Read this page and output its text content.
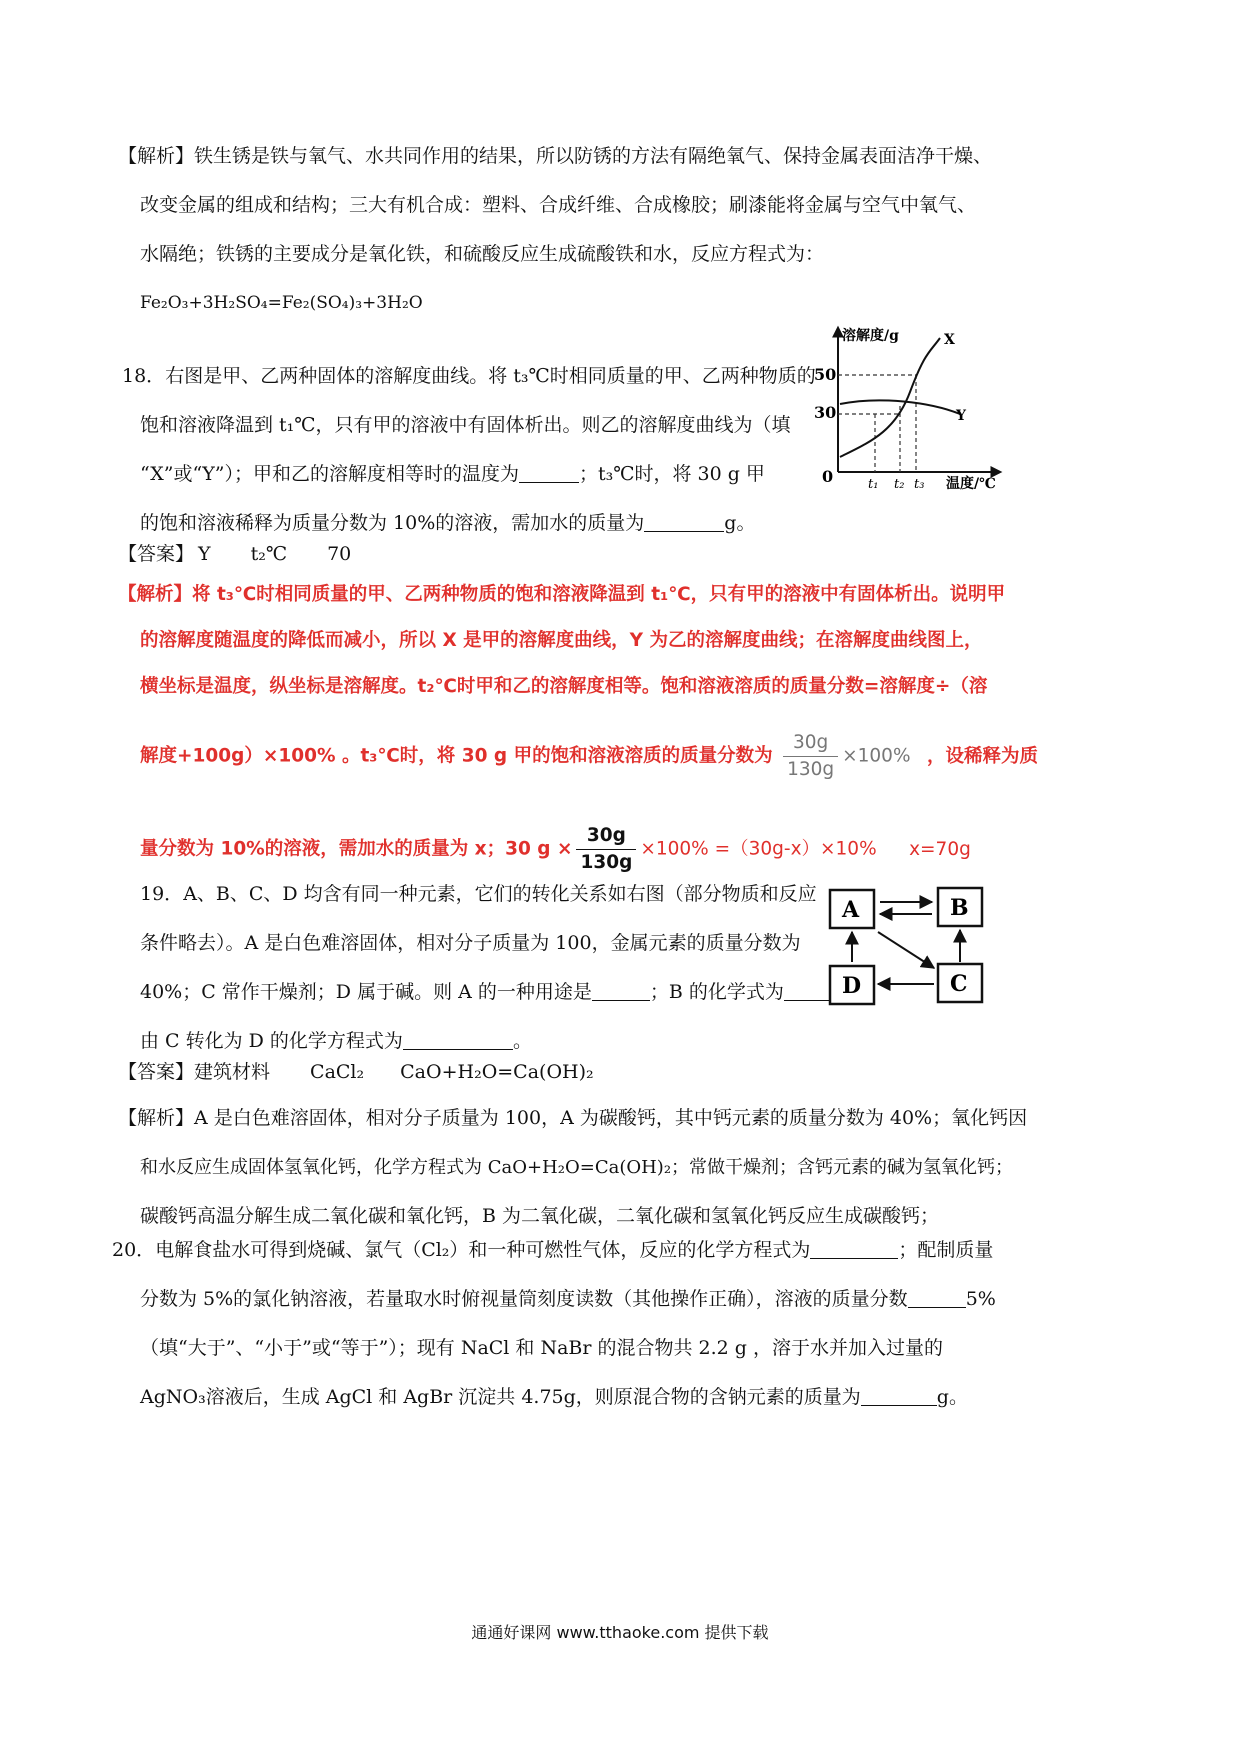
【解析】铁生锈是铁与氧气、水共同作用的结果，所以防锈的方法有隔绝氧气、保持金属表面洁净干燥、
改变金属的组成和结构；三大有机合成：塑料、合成纤维、合成橡胶；刷漆能将金属与空气中氧气、
水隔绝；铁锈的主要成分是氧化铁，和硫酸反应生成硫酸铁和水，反应方程式为：
Fe₂O₃+3H₂SO₄=Fe₂(SO₄)₃+3H₂O
18．右图是甲、乙两种固体的溶解度曲线。将 t₃℃时相同质量的甲、乙两种物质的
饱和溶液降温到 t₁℃，只有甲的溶液中有固体析出。则乙的溶解度曲线为（填
“X”或“Y”）；甲和乙的溶解度相等时的温度为	；t₃℃时，将 30 g 甲
的饱和溶液稀释为质量分数为 10%的溶液，需加水的质量为	g。
溶解度/g
温度/℃
0
50
30
X
Y
t₁ t₂ t₃
【答案】 Y t₂℃ 70
【解析】将 t₃℃时相同质量的甲、乙两种物质的饱和溶液降温到 t₁℃，只有甲的溶液中有固体析出。说明甲
的溶解度随温度的降低而减小，所以 X 是甲的溶解度曲线，Y 为乙的溶解度曲线；在溶解度曲线图上，
横坐标是温度，纵坐标是溶解度。t₂℃时甲和乙的溶解度相等。饱和溶液溶质的质量分数=溶解度÷（溶
解度+100g）×100% 。t₃℃时，将 30 g 甲的饱和溶液溶质的质量分数为 $\frac{30g}{130g} \times 100\%$ ，设稀释为质
量分数为 10%的溶液，需加水的质量为 x；30 $g \times \frac{30g}{130g} \times 100\% =(30g-x)\times 10\%$ x=70g
19．A、B、C、D 均含有同一种元素，它们的转化关系如右图（部分物质和反应
条件略去）。A 是白色难溶固体，相对分子质量为 100，金属元素的质量分数为
40%；C 常作干燥剂；D 属于碱。则 A 的一种用途是	；B 的化学式为
由 C 转化为 D 的化学方程式为	。
A	B
C
D
【答案】建筑材料 CaCl₂ CaO+H₂O=Ca(OH)₂
【解析】A 是白色难溶固体，相对分子质量为 100，A 为碳酸钙，其中钙元素的质量分数为 40%；氧化钙因
和水反应生成固体氢氧化钙，化学方程式为 CaO+H₂O=Ca(OH)₂；常做干燥剂；含钙元素的碱为氢氧化钙；
碳酸钙高温分解生成二氧化碳和氧化钙，B 为二氧化碳，二氧化碳和氢氧化钙反应生成碳酸钙；
20．电解食盐水可得到烧碱、氯气（Cl₂）和一种可燃性气体，反应的化学方程式为	；配制质量
分数为 5%的氯化钠溶液，若量取水时俯视量筒刻度读数（其他操作正确），溶液的质量分数	5%
（填“大于”、“小于”或“等于”）；现有 NaCl 和 NaBr 的混合物共 2.2 g ，溶于水并加入过量的
AgNO₃溶液后，生成 AgCl 和 AgBr 沉淀共 4.75g，则原混合物的含钠元素的质量为	g。
通通好课网 www.tthaoke.com 提供下载
